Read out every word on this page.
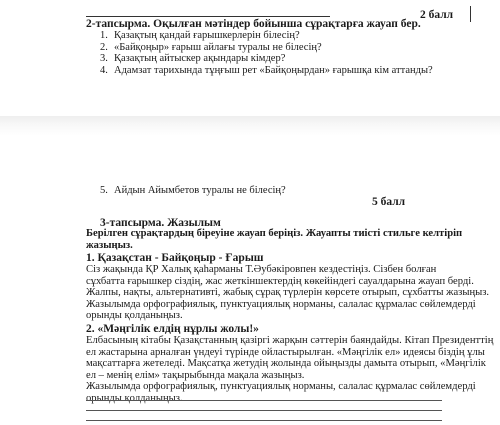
2 балл
2-тапсырма. Оқылған мәтіндер бойынша сұрақтарға жауап бер.
1. Қазақтың қандай ғарышкерлерін білесің?
2. «Байқоңыр» ғарыш айлағы туралы не білесің?
3. Қазақтың айтыскер ақындары кімдер?
4. Адамзат тарихында тұңғыш рет «Байқоңырдан» ғарышқа кім аттанды?
5. Айдын Айымбетов туралы не білесің?
5 балл
3-тапсырма. Жазылым
Берілген сұрақтардың біреуіне жауап беріңіз. Жауапты тиісті стильге келтіріп
жазыңыз.
1. Қазақстан - Байқоңыр - Ғарыш
Сіз жақында ҚР Халық қаһарманы Т.Әубәкіровпен кездестіңіз. Сізбен болған
сұхбатта ғарышкер сіздің, жас жеткіншектердің көкейіндегі сауалдарына жауап берді.
Жалпы, нақты, альтернативті, жабық сұрақ түрлерін көрсете отырып, сұхбатты жазыңыз.
Жазылымда орфографиялық, пунктуациялық норманы, салалас құрмалас сөйлемдерді
орынды қолданыңыз.
2. «Мәңгілік елдің нұрлы жолы!»
Елбасының кітабы Қазақстанның қазіргі жарқын сәттерін баяндайды. Кітап Президенттің
ел жастарына арналған үндеуі түрінде ойластырылған. «Мәңгілік ел» идеясы біздің ұлы
мақсаттарға жетеледі. Мақсатқа жетудің жолында ойыңызды дамыта отырып, «Мәңгілік
ел – менің елім» тақырыбында мақала жазыңыз.
Жазылымда орфографиялық, пунктуациялық норманы, салалас құрмалас сөйлемдерді
орынды қолданыңыз.
